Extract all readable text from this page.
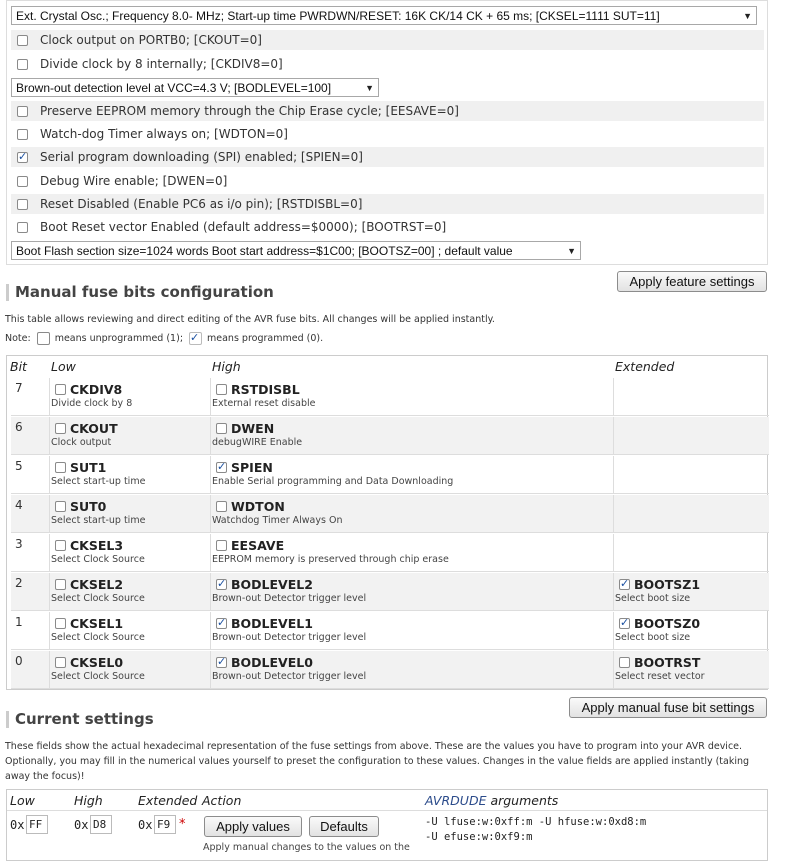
Ext. Crystal Osc.; Frequency 8.0- MHz; Start-up time PWRDWN/RESET: 16K CK/14 CK + 65 ms; [CKSEL=1111 SUT=11]	▼
Clock output on PORTB0; [CKOUT=0]
Divide clock by 8 internally; [CKDIV8=0]
Brown-out detection level at VCC=4.3 V; [BODLEVEL=100]	▼
Preserve EEPROM memory through the Chip Erase cycle; [EESAVE=0]
Watch-dog Timer always on; [WDTON=0]
✓
Serial program downloading (SPI) enabled; [SPIEN=0]
Debug Wire enable; [DWEN=0]
Reset Disabled (Enable PC6 as i/o pin); [RSTDISBL=0]
Boot Reset vector Enabled (default address=$0000); [BOOTRST=0]
Boot Flash section size=1024 words Boot start address=$1C00; [BOOTSZ=00] ; default value	▼
Apply feature settings
Manual fuse bits configuration
This table allows reviewing and direct editing of the AVR fuse bits. All changes will be applied instantly.
Note:	means unprogrammed (1);
✓	means programmed (0).
Bit Low	High	Extended
7	CKDIV8
Divide clock by 8
RSTDISBL
External reset disable
6	CKOUT
Clock output
DWEN
debugWIRE Enable
5	SUT1
Select start-up time
✓
SPIEN
Enable Serial programming and Data Downloading
4	SUT0
Select start-up time
WDTON
Watchdog Timer Always On
3	CKSEL3
Select Clock Source
EESAVE
EEPROM memory is preserved through chip erase
2	CKSEL2
Select Clock Source
✓
BODLEVEL2
Brown-out Detector trigger level
✓
BOOTSZ1
Select boot size
1	CKSEL1
Select Clock Source
✓
BODLEVEL1
Brown-out Detector trigger level
✓
BOOTSZ0
Select boot size
0	CKSEL0
Select Clock Source
✓
BODLEVEL0
Brown-out Detector trigger level
BOOTRST
Select reset vector
Apply manual fuse bit settings
Current settings
These fields show the actual hexadecimal representation of the fuse settings from above. These are the values you have to program into your AVR device. Optionally, you may fill in the numerical values yourself to preset the configuration to these values. Changes in the value fields are applied instantly (taking away the focus)!
Low	High	Extended Action	AVRDUDE arguments
0x FF	0x D8	0x F9 *	Apply values	Defaults
Apply manual changes to the values on the
-U lfuse:w:0xff:m -U hfuse:w:0xd8:m
-U efuse:w:0xf9:m
